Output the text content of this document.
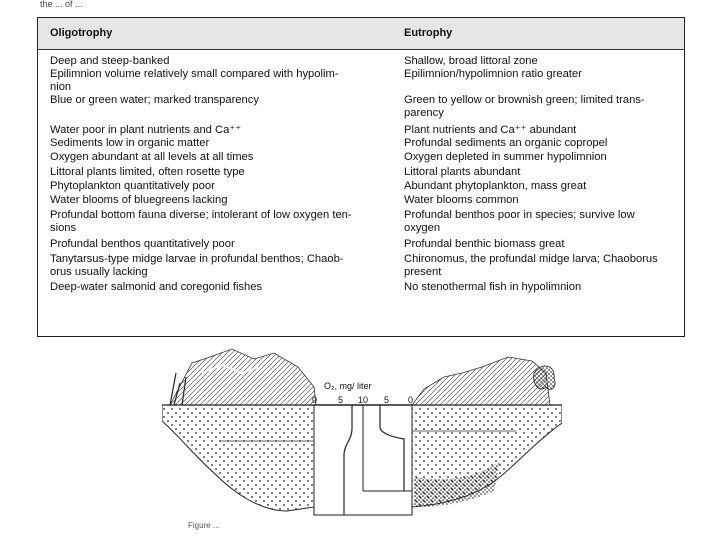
the ... of ...
Oligotrophy	Eutrophy
Deep and steep-banked
Epilimnion volume relatively small compared with hypolim-
nion
Blue or green water; marked transparency
Water poor in plant nutrients and Ca⁺⁺
Sediments low in organic matter
Oxygen abundant at all levels at all times
Littoral plants limited, often rosette type
Phytoplankton quantitatively poor
Water blooms of bluegreens lacking
Profundal bottom fauna diverse; intolerant of low oxygen ten-
sions
Profundal benthos quantitatively poor
Tanytarsus-type midge larvae in profundal benthos; Chaob-
orus usually lacking
Deep-water salmonid and coregonid fishes
Shallow, broad littoral zone
Epilimnion/hypolimnion ratio greater
Green to yellow or brownish green; limited trans-
parency
Plant nutrients and Ca⁺⁺ abundant
Profundal sediments an organic copropel
Oxygen depleted in summer hypolimnion
Littoral plants abundant
Abundant phytoplankton, mass great
Water blooms common
Profundal benthos poor in species; survive low
oxygen
Profundal benthic biomass great
Chironomus, the profundal midge larva; Chaoborus
present
No stenothermal fish in hypolimnion
O₂, mg/ liter
0 5 10 5 0
Figure ...
